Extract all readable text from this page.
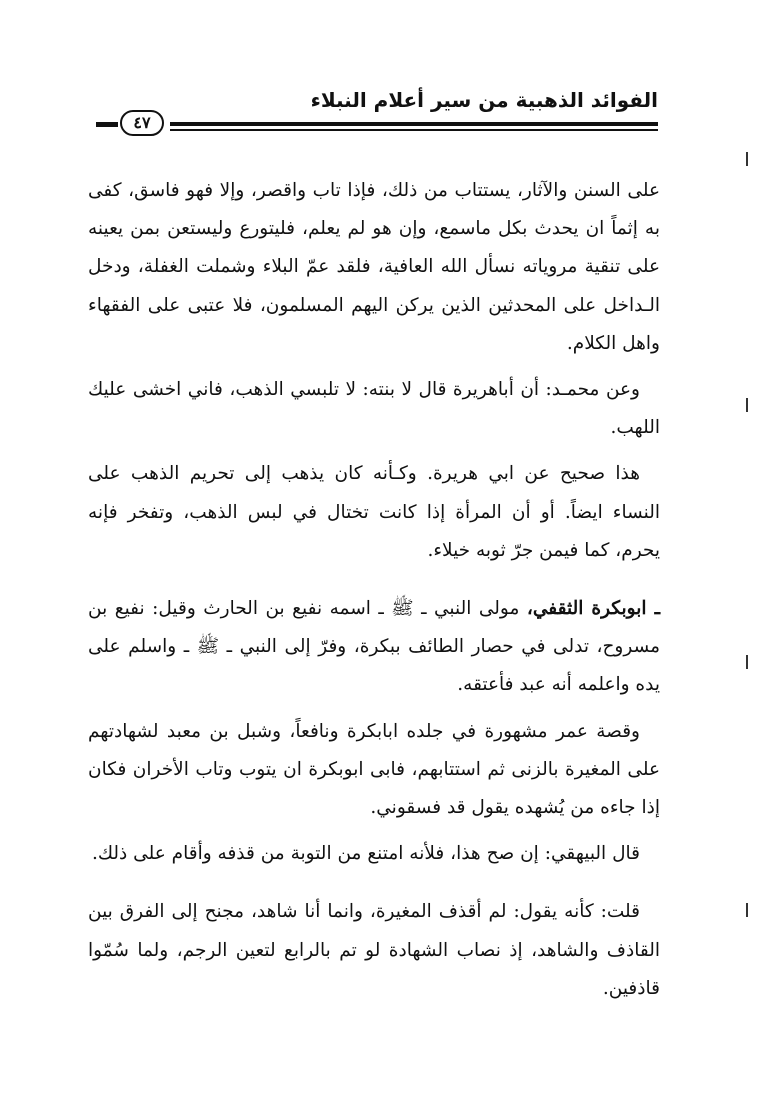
الفوائد الذهبية من سير أعلام النبلاء
٤٧

على السنن والآثار، يستتاب من ذلك، فإذا تاب واقصر، وإلا فهو فاسق، كفى به إثماً ان يحدث بكل ماسمع، وإن هو لم يعلم، فليتورع وليستعن بمن يعينه على تنقية مروياته نسأل الله العافية، فلقد عمّ البلاء وشملت الغفلة، ودخل الـداخل على المحدثين الذين يركن اليهم المسلمون، فلا عتبى على الفقهاء واهل الكلام.

وعن محمـد: أن أباهريرة قال لا بنته: لا تلبسي الذهب، فاني اخشى عليك اللهب.

هذا صحيح عن ابي هريرة. وكـأنه كان يذهب إلى تحريم الذهب على النساء ايضاً. أو أن المرأة إذا كانت تختال في لبس الذهب، وتفخر فإنه يحرم، كما فيمن جرّ ثوبه خيلاء.

ـ ابوبكرة الثقفي، مولى النبي ـ ﷺ ـ اسمه نفيع بن الحارث وقيل: نفيع بن مسروح، تدلى في حصار الطائف ببكرة، وفرّ إلى النبي ـ ﷺ ـ واسلم على يده واعلمه أنه عبد فأعتقه.

وقصة عمر مشهورة في جلده ابابكرة ونافعاً، وشبل بن معبد لشهادتهم على المغيرة بالزنى ثم استتابهم، فابى ابوبكرة ان يتوب وتاب الأخران فكان إذا جاءه من يُشهده يقول قد فسقوني.

قال البيهقي: إن صح هذا، فلأنه امتنع من التوبة من قذفه وأقام على ذلك.

قلت: كأنه يقول: لم أقذف المغيرة، وانما أنا شاهد، مجنح إلى الفرق بين القاذف والشاهد، إذ نصاب الشهادة لو تم بالرابع لتعين الرجم، ولما سُمّوا قاذفين.
